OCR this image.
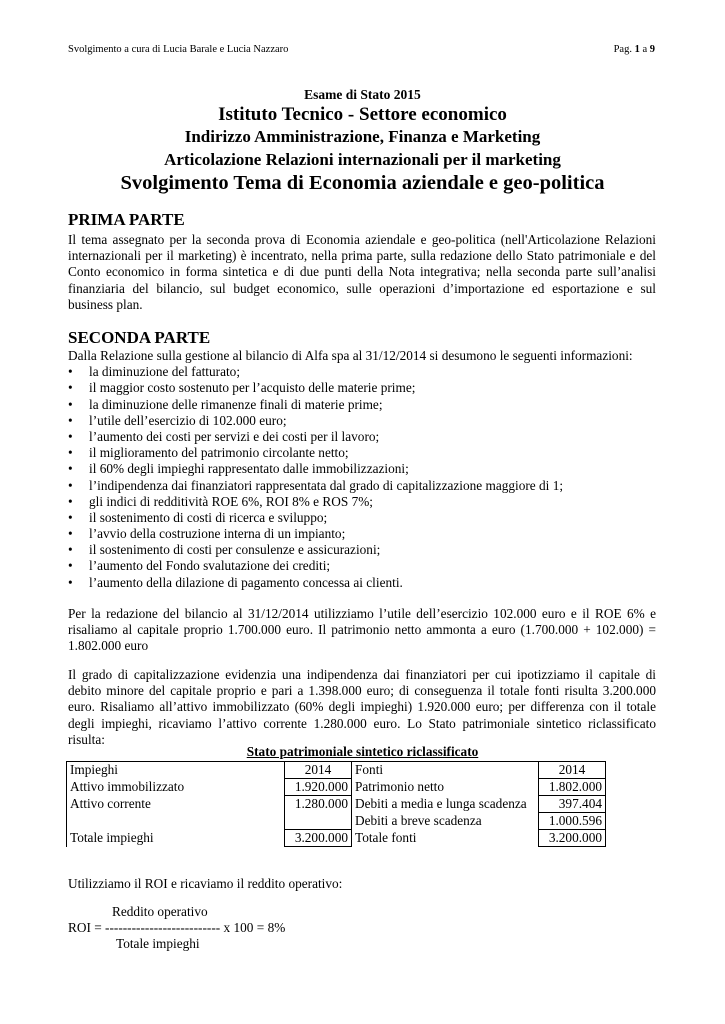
Svolgimento a cura di Lucia Barale e Lucia Nazzaro	Pag. 1 a 9
Esame di Stato 2015
Istituto Tecnico - Settore economico
Indirizzo Amministrazione, Finanza e Marketing
Articolazione Relazioni internazionali per il marketing
Svolgimento Tema di Economia aziendale e geo-politica
PRIMA PARTE
Il tema assegnato per la seconda prova di Economia aziendale e geo-politica (nell'Articolazione Relazioni
internazionali per il marketing) è incentrato, nella prima parte, sulla redazione dello Stato patrimoniale e del
Conto economico in forma sintetica e di due punti della Nota integrativa; nella seconda parte sull’analisi
finanziaria del bilancio, sul budget economico, sulle operazioni d’importazione ed esportazione e sul
business plan.
SECONDA PARTE
Dalla Relazione sulla gestione al bilancio di Alfa spa al 31/12/2014 si desumono le seguenti informazioni:
• la diminuzione del fatturato;
• il maggior costo sostenuto per l’acquisto delle materie prime;
• la diminuzione delle rimanenze finali di materie prime;
• l’utile dell’esercizio di 102.000 euro;
• l’aumento dei costi per servizi e dei costi per il lavoro;
• il miglioramento del patrimonio circolante netto;
• il 60% degli impieghi rappresentato dalle immobilizzazioni;
• l’indipendenza dai finanziatori rappresentata dal grado di capitalizzazione maggiore di 1;
• gli indici di redditività ROE 6%, ROI 8% e ROS 7%;
• il sostenimento di costi di ricerca e sviluppo;
• l’avvio della costruzione interna di un impianto;
• il sostenimento di costi per consulenze e assicurazioni;
• l’aumento del Fondo svalutazione dei crediti;
• l’aumento della dilazione di pagamento concessa ai clienti.
Per la redazione del bilancio al 31/12/2014 utilizziamo l’utile dell’esercizio 102.000 euro e il ROE 6% e
risaliamo al capitale proprio 1.700.000 euro. Il patrimonio netto ammonta a euro (1.700.000 + 102.000) =
1.802.000 euro
Il grado di capitalizzazione evidenzia una indipendenza dai finanziatori per cui ipotizziamo il capitale di
debito minore del capitale proprio e pari a 1.398.000 euro; di conseguenza il totale fonti risulta 3.200.000
euro. Risaliamo all’attivo immobilizzato (60% degli impieghi) 1.920.000 euro; per differenza con il totale
degli impieghi, ricaviamo l’attivo corrente 1.280.000 euro. Lo Stato patrimoniale sintetico riclassificato
risulta:
Stato patrimoniale sintetico riclassificato
Impieghi	2014	Fonti	2014
Attivo immobilizzato	1.920.000	Patrimonio netto	1.802.000
Attivo corrente	1.280.000	Debiti a media e lunga scadenza	397.404
		Debiti a breve scadenza	1.000.596
Totale impieghi	3.200.000	Totale fonti	3.200.000
Utilizziamo il ROI e ricaviamo il reddito operativo:
Reddito operativo
ROI = -------------------------- x 100 = 8%
Totale impieghi
